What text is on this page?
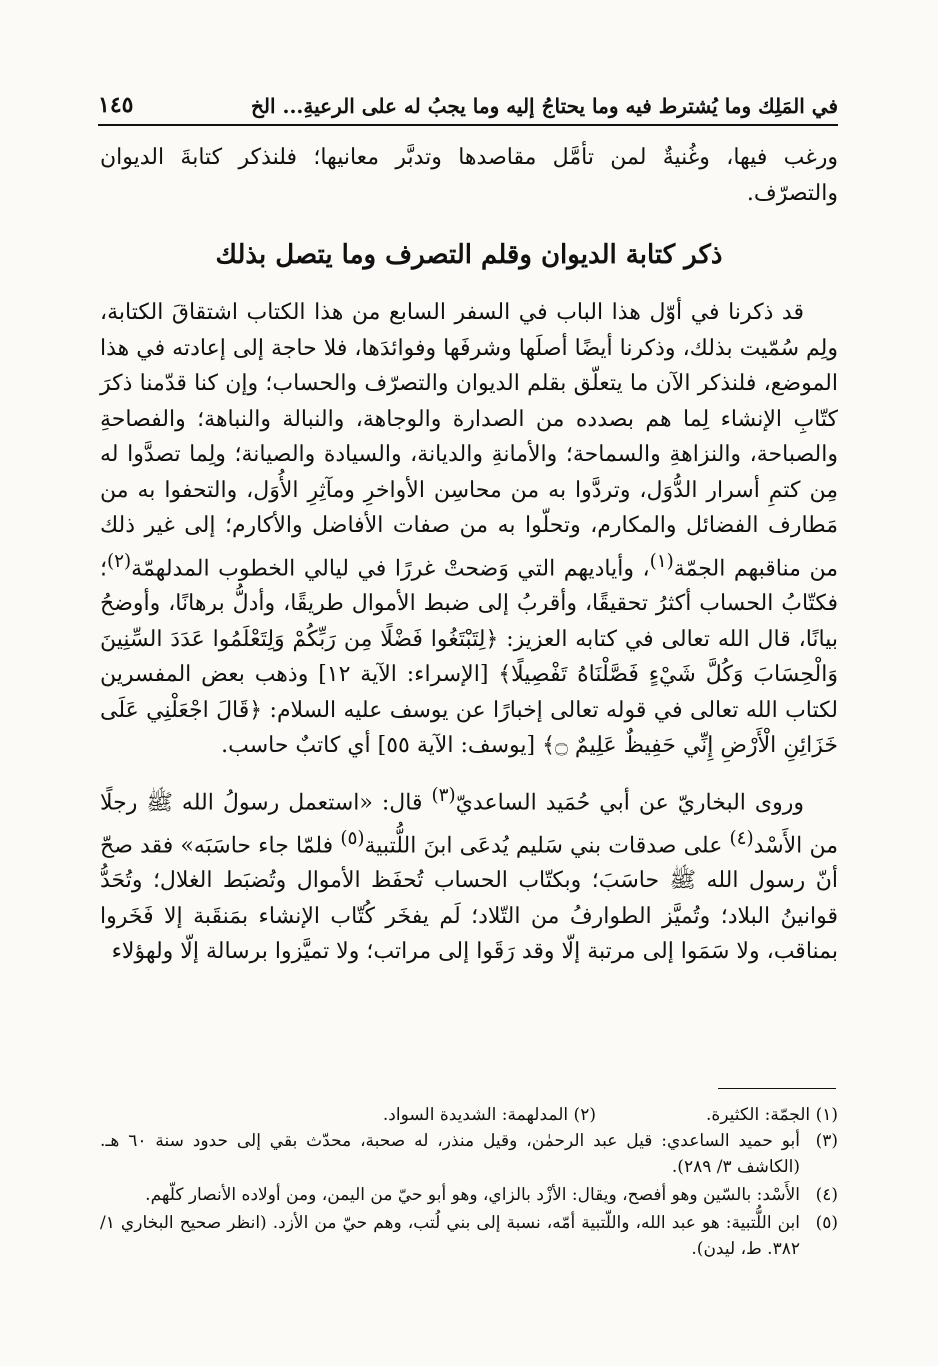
في المَلِك وما يُشترط فيه وما يحتاجُ إليه وما يجبُ له على الرعيةِ... الخ
١٤٥

ورغب فيها، وغُنيةٌ لمن تأمَّل مقاصدها وتدبَّر معانيها؛ فلنذكر كتابةَ الديوان والتصرّف.

ذكر كتابة الديوان وقلم التصرف وما يتصل بذلك

قد ذكرنا في أوّل هذا الباب في السفر السابع من هذا الكتاب اشتقاقَ الكتابة، ولِم سُمّيت بذلك، وذكرنا أيضًا أصلَها وشرفَها وفوائدَها، فلا حاجة إلى إعادته في هذا الموضع، فلنذكر الآن ما يتعلّق بقلم الديوان والتصرّف والحساب؛ وإن كنا قدّمنا ذكرَ كتّابِ الإنشاء لِما هم بصدده من الصدارة والوجاهة، والنبالة والنباهة؛ والفصاحةِ والصباحة، والنزاهةِ والسماحة؛ والأمانةِ والديانة، والسيادة والصيانة؛ ولِما تصدَّوا له مِن كتمِ أسرار الدُّوَل، وتردَّوا به من محاسِن الأواخرِ ومآثِرِ الأُوَل، والتحفوا به من مَطارف الفضائل والمكارم، وتحلّوا به من صفات الأفاضل والأكارم؛ إلى غير ذلك من مناقبهم الجمّة$^{(١)}$، وأياديهم التي وَضحتْ غررًا في ليالي الخطوب المدلهمّة$^{(٢)}$؛ فكتّابُ الحساب أكثرُ تحقيقًا، وأقربُ إلى ضبط الأموال طريقًا، وأدلُّ برهانًا، وأوضحُ بيانًا، قال الله تعالى في كتابه العزيز: ﴿لِتَبْتَغُوا فَضْلًا مِن رَبِّكُمْ وَلِتَعْلَمُوا عَدَدَ السِّنِينَ وَالْحِسَابَ وَكُلَّ شَيْءٍ فَصَّلْنَاهُ تَفْصِيلًا﴾ [الإسراء: الآية ١٢] وذهب بعض المفسرين لكتاب الله تعالى في قوله تعالى إخبارًا عن يوسف عليه السلام: ﴿قَالَ اجْعَلْنِي عَلَى خَزَائِنِ الْأَرْضِ إِنِّي حَفِيظٌ عَلِيمٌ ۝﴾ [يوسف: الآية ٥٥] أي كاتبٌ حاسب.

وروى البخاريّ عن أبي حُمَيد الساعديّ$^{(٣)}$ قال: «استعمل رسولُ الله ﷺ رجلًا من الأَسْد$^{(٤)}$ على صدقات بني سَليم يُدعَى ابنَ اللُّتبية$^{(٥)}$ فلمّا جاء حاسَبَه» فقد صحّ أنّ رسول الله ﷺ حاسَبَ؛ وبكتّاب الحساب تُحفَظ الأموال وتُضبَط الغلال؛ وتُحَدُّ قوانينُ البلاد؛ وتُميَّز الطوارفُ من التّلاد؛ لَم يفخَر كُتّاب الإنشاء بمَنقَبة إلا فَخَروا بمناقب، ولا سَمَوا إلى مرتبة إلّا وقد رَقَوا إلى مراتب؛ ولا تميَّزوا برسالة إلّا ولهؤلاء

(١) الجمّة: الكثيرة.
(٢) المدلهمة: الشديدة السواد.

(٣)أبو حميد الساعدي: قيل عبد الرحمٰن، وقيل منذر، له صحبة، محدّث بقي إلى حدود سنة ٦٠ هـ. (الكاشف ٣/ ٢٨٩).

(٤)الأَسْد: بالسّين وهو أفصح، ويقال: الأزْد بالزاي، وهو أبو حيّ من اليمن، ومن أولاده الأنصار كلّهم.

(٥)ابن اللُّتبية: هو عبد الله، واللّتبية أمّه، نسبة إلى بني لُتب، وهم حيّ من الأزد. (انظر صحيح البخاري ١/ ٣٨٢. ط، ليدن).
